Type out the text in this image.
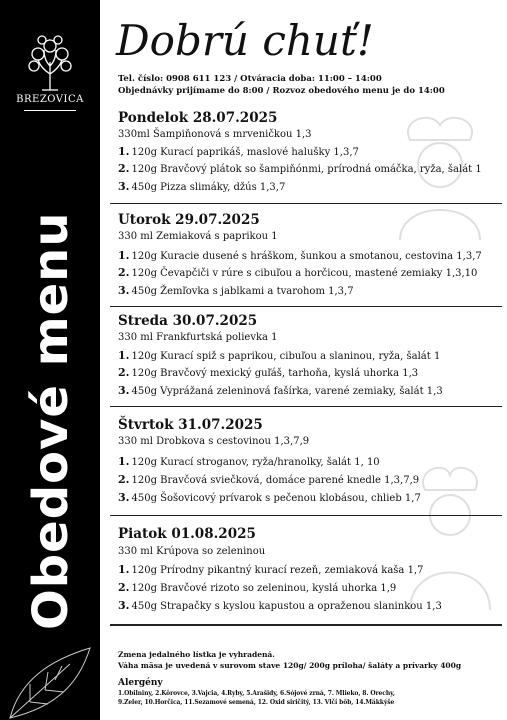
BREZOVICA
Obedové menu
Dobrú chuť!
Tel. číslo: 0908 611 123 / Otváracia doba: 11:00 – 14:00
Objednávky prijímame do 8:00 / Rozvoz obedového menu je do 14:00
Pondelok 28.07.2025
330ml Šampiňonová s mrveničkou 1,3
1. 120g Kurací paprikáš, maslové halušky 1,3,7
2. 120g Bravčový plátok so šampiňónmi, prírodná omáčka, ryža, šalát 1
3. 450g Pizza slimáky, džús 1,3,7
Utorok 29.07.2025
330 ml Zemiaková s paprikou 1
1. 120g Kuracie dusené s hráškom, šunkou a smotanou, cestovina 1,3,7
2. 120g Čevapčiči v rúre s cibuľou a horčicou, mastené zemiaky 1,3,10
3. 450g Žemľovka s jablkami a tvarohom 1,3,7
Streda 30.07.2025
330 ml Frankfurtská polievka 1
1. 120g Kurací spiž s paprikou, cibuľou a slaninou, ryža, šalát 1
2. 120g Bravčový mexický guľáš, tarhoňa, kyslá uhorka 1,3
3. 450g Vyprážaná zeleninová fašírka, varené zemiaky, šalát 1,3
Štvrtok 31.07.2025
330 ml Drobkova s cestovinou 1,3,7,9
1. 120g Kurací stroganov, ryža/hranolky, šalát 1, 10
2. 120g Bravčová sviečková, domáce parené knedle 1,3,7,9
3. 450g Šošovicový prívarok s pečenou klobásou, chlieb 1,7
Piatok 01.08.2025
330 ml Krúpova so zeleninou
1. 120g Prírodny pikantný kurací rezeň, zemiaková kaša 1,7
2. 120g Bravčové rizoto so zeleninou, kyslá uhorka 1,9
3. 450g Strapačky s kyslou kapustou a opraženou slaninkou 1,3
Zmena jedalného lístka je vyhradená.
Váha mäsa je uvedená v surovom stave 120g/ 200g príloha/ šaláty a prívarky 400g
Alergény
1.Obilniny, 2.Kôrovce, 3.Vajcia, 4.Ryby, 5.Arašidy, 6.Sójové zrná, 7. Mlieko, 8. Orechy,
9.Zeler, 10.Horčica, 11.Sezamové semená, 12. Oxid siričitý, 13. Vlčí bôb, 14.Mäkkýše
